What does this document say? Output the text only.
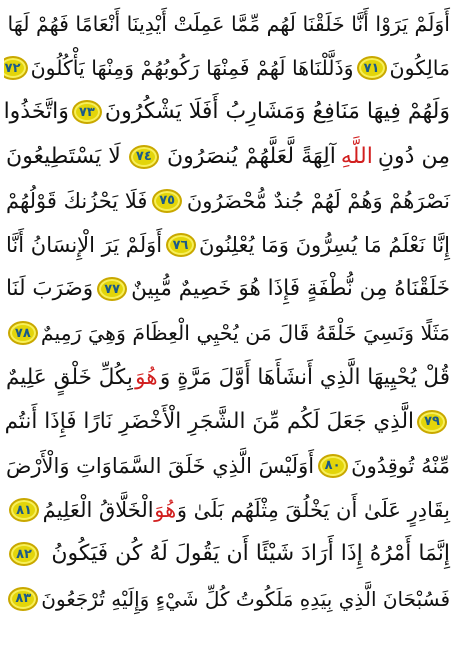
أَوَلَمْ يَرَوْا أَنَّا خَلَقْنَا لَهُم مِّمَّا عَمِلَتْ أَيْدِينَا أَنْعَامًا فَهُمْ لَهَا
مَالِكُونَ
٧١
وَذَلَّلْنَاهَا لَهُمْ فَمِنْهَا رَكُوبُهُمْ وَمِنْهَا يَأْكُلُونَ
٧٢
وَلَهُمْ فِيهَا مَنَافِعُ وَمَشَارِبُ أَفَلَا يَشْكُرُونَ
٧٣
وَاتَّخَذُوا
مِن دُونِ
اللَّهِ
آلِهَةً لَّعَلَّهُمْ يُنصَرُونَ
٧٤
لَا يَسْتَطِيعُونَ
نَصْرَهُمْ وَهُمْ لَهُمْ جُندٌ مُّحْضَرُونَ
٧٥
فَلَا يَحْزُنكَ قَوْلُهُمْ
إِنَّا نَعْلَمُ مَا يُسِرُّونَ وَمَا يُعْلِنُونَ
٧٦
أَوَلَمْ يَرَ الْإِنسَانُ أَنَّا
خَلَقْنَاهُ مِن نُّطْفَةٍ فَإِذَا هُوَ خَصِيمٌ مُّبِينٌ
٧٧
وَضَرَبَ لَنَا
مَثَلًا وَنَسِيَ خَلْقَهُ قَالَ مَن يُحْيِي الْعِظَامَ وَهِيَ رَمِيمٌ
٧٨
قُلْ يُحْيِيهَا الَّذِي أَنشَأَهَا أَوَّلَ مَرَّةٍ وَ
هُوَ
بِكُلِّ خَلْقٍ عَلِيمٌ
٧٩
الَّذِي جَعَلَ لَكُم مِّنَ الشَّجَرِ الْأَخْضَرِ نَارًا فَإِذَا أَنتُم
مِّنْهُ تُوقِدُونَ
٨٠
أَوَلَيْسَ الَّذِي خَلَقَ السَّمَاوَاتِ وَالْأَرْضَ
بِقَادِرٍ عَلَىٰ أَن يَخْلُقَ مِثْلَهُم بَلَىٰ وَ
هُوَ
الْخَلَّاقُ الْعَلِيمُ
٨١
إِنَّمَا أَمْرُهُ إِذَا أَرَادَ شَيْئًا أَن يَقُولَ لَهُ كُن فَيَكُونُ
٨٢
فَسُبْحَانَ الَّذِي بِيَدِهِ مَلَكُوتُ كُلِّ شَيْءٍ وَإِلَيْهِ تُرْجَعُونَ
٨٣
